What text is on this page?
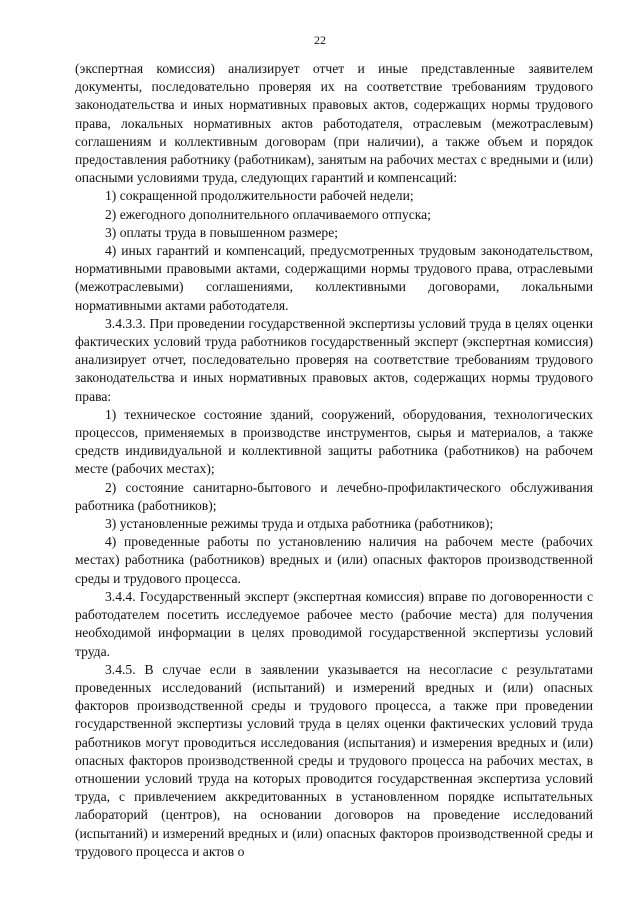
22

(экспертная комиссия) анализирует отчет и иные представленные заявителем документы, последовательно проверяя их на соответствие требованиям трудового законодательства и иных нормативных правовых актов, содержащих нормы трудового права, локальных нормативных актов работодателя, отраслевым (межотраслевым) соглашениям и коллективным договорам (при наличии), а также объем и порядок предоставления работнику (работникам), занятым на рабочих местах с вредными и (или) опасными условиями труда, следующих гарантий и компенсаций:

1) сокращенной продолжительности рабочей недели;

2) ежегодного дополнительного оплачиваемого отпуска;

3) оплаты труда в повышенном размере;

4) иных гарантий и компенсаций, предусмотренных трудовым законодательством, нормативными правовыми актами, содержащими нормы трудового права, отраслевыми (межотраслевыми) соглашениями, коллективными договорами, локальными нормативными актами работодателя.

3.4.3.3. При проведении государственной экспертизы условий труда в целях оценки фактических условий труда работников государственный эксперт (экспертная комиссия) анализирует отчет, последовательно проверяя на соответствие требованиям трудового законодательства и иных нормативных правовых актов, содержащих нормы трудового права:

1) техническое состояние зданий, сооружений, оборудования, технологических процессов, применяемых в производстве инструментов, сырья и материалов, а также средств индивидуальной и коллективной защиты работника (работников) на рабочем месте (рабочих местах);

2) состояние санитарно-бытового и лечебно-профилактического обслуживания работника (работников);

3) установленные режимы труда и отдыха работника (работников);

4) проведенные работы по установлению наличия на рабочем месте (рабочих местах) работника (работников) вредных и (или) опасных факторов производственной среды и трудового процесса.

3.4.4. Государственный эксперт (экспертная комиссия) вправе по договоренности с работодателем посетить исследуемое рабочее место (рабочие места) для получения необходимой информации в целях проводимой государственной экспертизы условий труда.

3.4.5. В случае если в заявлении указывается на несогласие с результатами проведенных исследований (испытаний) и измерений вредных и (или) опасных факторов производственной среды и трудового процесса, а также при проведении государственной экспертизы условий труда в целях оценки фактических условий труда работников могут проводиться исследования (испытания) и измерения вредных и (или) опасных факторов производственной среды и трудового процесса на рабочих местах, в отношении условий труда на которых проводится государственная экспертиза условий труда, с привлечением аккредитованных в установленном порядке испытательных лабораторий (центров), на основании договоров на проведение исследований (испытаний) и измерений вредных и (или) опасных факторов производственной среды и трудового процесса и актов о
